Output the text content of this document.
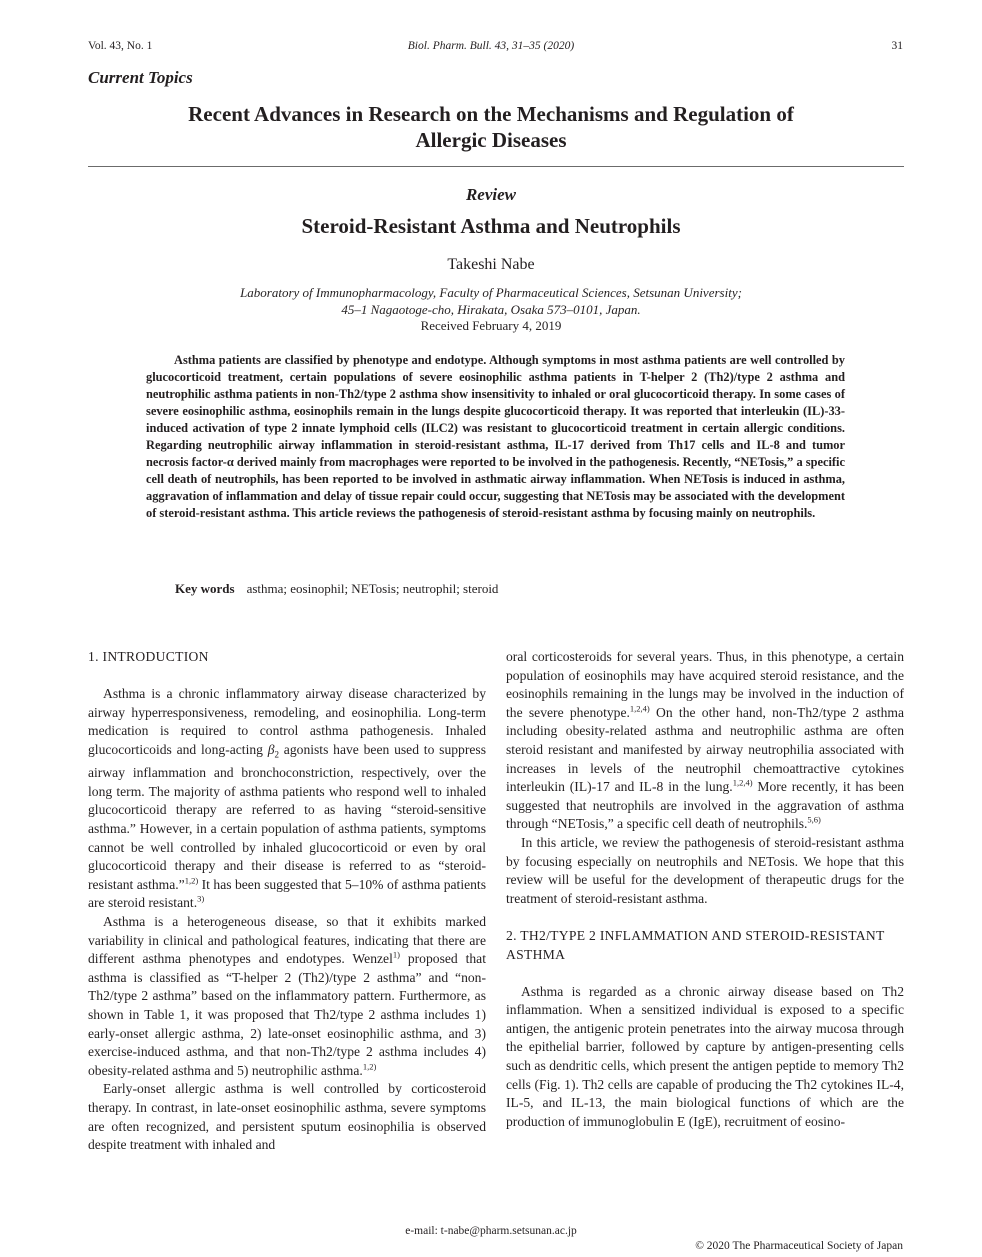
Vol. 43, No. 1	Biol. Pharm. Bull. 43, 31–35 (2020)	31
Current Topics
Recent Advances in Research on the Mechanisms and Regulation of
Allergic Diseases
Review
Steroid-Resistant Asthma and Neutrophils
Takeshi Nabe
Laboratory of Immunopharmacology, Faculty of Pharmaceutical Sciences, Setsunan University;
45–1 Nagaotoge-cho, Hirakata, Osaka 573–0101, Japan.
Received February 4, 2019
Asthma patients are classified by phenotype and endotype. Although symptoms in most asthma patients are well controlled by glucocorticoid treatment, certain populations of severe eosinophilic asthma patients in T-helper 2 (Th2)/type 2 asthma and neutrophilic asthma patients in non-Th2/type 2 asthma show insensitivity to inhaled or oral glucocorticoid therapy. In some cases of severe eosinophilic asthma, eosinophils remain in the lungs despite glucocorticoid therapy. It was reported that interleukin (IL)-33-induced activation of type 2 innate lymphoid cells (ILC2) was resistant to glucocorticoid treatment in certain allergic conditions. Regarding neutrophilic airway inflammation in steroid-resistant asthma, IL-17 derived from Th17 cells and IL-8 and tumor necrosis factor-α derived mainly from macrophages were reported to be involved in the pathogenesis. Recently, “NETosis,” a specific cell death of neutrophils, has been reported to be involved in asthmatic airway inflammation. When NETosis is induced in asthma, aggravation of inflammation and delay of tissue repair could occur, suggesting that NETosis may be associated with the development of steroid-resistant asthma. This article reviews the pathogenesis of steroid-resistant asthma by focusing mainly on neutrophils.
Key words asthma; eosinophil; NETosis; neutrophil; steroid
1. INTRODUCTION

Asthma is a chronic inflammatory airway disease characterized by airway hyperresponsiveness, remodeling, and eosinophilia. Long-term medication is required to control asthma pathogenesis. Inhaled glucocorticoids and long-acting $\beta_2$ agonists have been used to suppress airway inflammation and bronchoconstriction, respectively, over the long term. The majority of asthma patients who respond well to inhaled glucocorticoid therapy are referred to as having “steroid-sensitive asthma.” However, in a certain population of asthma patients, symptoms cannot be well controlled by inhaled glucocorticoid or even by oral glucocorticoid therapy and their disease is referred to as “steroid-resistant asthma.”$^{1,2)}$ It has been suggested that 5–10% of asthma patients are steroid resistant.$^{3)}$

Asthma is a heterogeneous disease, so that it exhibits marked variability in clinical and pathological features, indicating that there are different asthma phenotypes and endotypes. Wenzel$^{1)}$ proposed that asthma is classified as “T-helper 2 (Th2)/type 2 asthma” and “non-Th2/type 2 asthma” based on the inflammatory pattern. Furthermore, as shown in Table 1, it was proposed that Th2/type 2 asthma includes 1) early-onset allergic asthma, 2) late-onset eosinophilic asthma, and 3) exercise-induced asthma, and that non-Th2/type 2 asthma includes 4) obesity-related asthma and 5) neutrophilic asthma.$^{1,2)}$

Early-onset allergic asthma is well controlled by corticosteroid therapy. In contrast, in late-onset eosinophilic asthma, severe symptoms are often recognized, and persistent sputum eosinophilia is observed despite treatment with inhaled and

oral corticosteroids for several years. Thus, in this phenotype, a certain population of eosinophils may have acquired steroid resistance, and the eosinophils remaining in the lungs may be involved in the induction of the severe phenotype.$^{1,2,4)}$ On the other hand, non-Th2/type 2 asthma including obesity-related asthma and neutrophilic asthma are often steroid resistant and manifested by airway neutrophilia associated with increases in levels of the neutrophil chemoattractive cytokines interleukin (IL)-17 and IL-8 in the lung.$^{1,2,4)}$ More recently, it has been suggested that neutrophils are involved in the aggravation of asthma through “NETosis,” a specific cell death of neutrophils.$^{5,6)}$

In this article, we review the pathogenesis of steroid-resistant asthma by focusing especially on neutrophils and NETosis. We hope that this review will be useful for the development of therapeutic drugs for the treatment of steroid-resistant asthma.

2. TH2/TYPE 2 INFLAMMATION AND STEROID-RESISTANT ASTHMA

Asthma is regarded as a chronic airway disease based on Th2 inflammation. When a sensitized individual is exposed to a specific antigen, the antigenic protein penetrates into the airway mucosa through the epithelial barrier, followed by capture by antigen-presenting cells such as dendritic cells, which present the antigen peptide to memory Th2 cells (Fig. 1). Th2 cells are capable of producing the Th2 cytokines IL-4, IL-5, and IL-13, the main biological functions of which are the production of immunoglobulin E (IgE), recruitment of eosino-

e-mail: t-nabe@pharm.setsunan.ac.jp
© 2020 The Pharmaceutical Society of Japan
